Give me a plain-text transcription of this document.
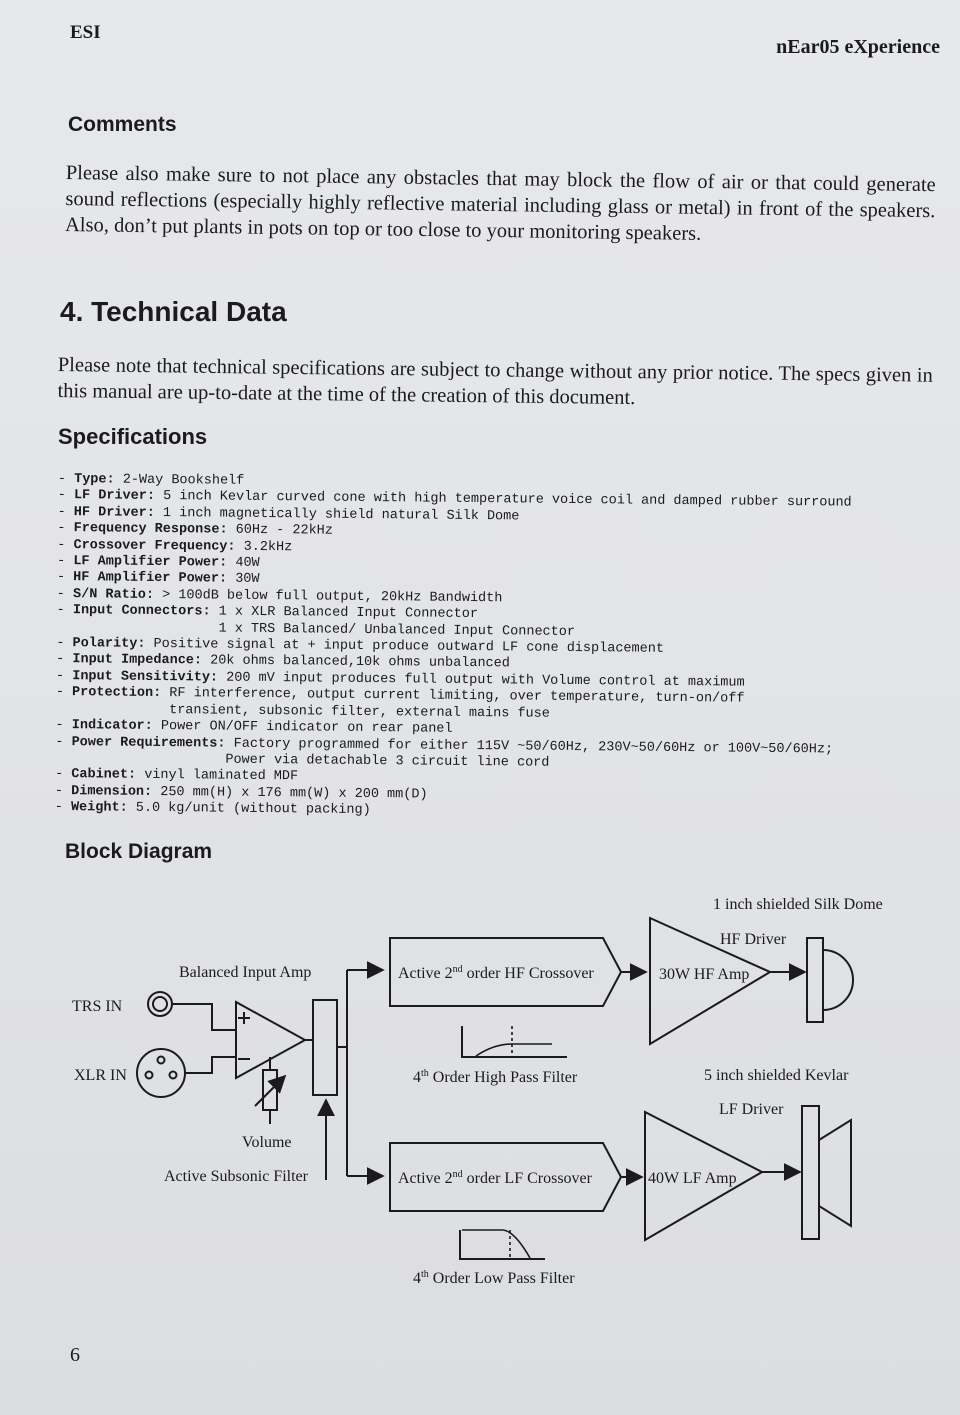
ESI
nEar05 eXperience
Comments
Please also make sure to not place any obstacles that may block the flow of air or that could generate sound reflections (especially highly reflective material including glass or metal) in front of the speakers. Also, don’t put plants in pots on top or too close to your monitoring speakers.
4. Technical Data
Please note that technical specifications are subject to change without any prior notice. The specs given in this manual are up-to-date at the time of the creation of this document.
Specifications
- Type: 2-Way Bookshelf
- LF Driver: 5 inch Kevlar curved cone with high temperature voice coil and damped rubber surround
- HF Driver: 1 inch magnetically shield natural Silk Dome
- Frequency Response: 60Hz - 22kHz
- Crossover Frequency: 3.2kHz
- LF Amplifier Power: 40W
- HF Amplifier Power: 30W
- S/N Ratio: > 100dB below full output, 20kHz Bandwidth
- Input Connectors: 1 x XLR Balanced Input Connector
1 x TRS Balanced/ Unbalanced Input Connector
- Polarity: Positive signal at + input produce outward LF cone displacement
- Input Impedance: 20k ohms balanced,10k ohms unbalanced
- Input Sensitivity: 200 mV input produces full output with Volume control at maximum
- Protection: RF interference, output current limiting, over temperature, turn-on/off
transient, subsonic filter, external mains fuse
- Indicator: Power ON/OFF indicator on rear panel
- Power Requirements: Factory programmed for either 115V ~50/60Hz, 230V~50/60Hz or 100V~50/60Hz;
Power via detachable 3 circuit line cord
- Cabinet: vinyl laminated MDF
- Dimension: 250 mm(H) x 176 mm(W) x 200 mm(D)
- Weight: 5.0 kg/unit (without packing)
Block Diagram
1 inch shielded Silk Dome
HF Driver
Balanced Input Amp	Active 2nd order HF Crossover	30W HF Amp
TRS IN
XLR IN	4th Order High Pass Filter	5 inch shielded Kevlar
LF Driver
Volume
Active Subsonic Filter	Active 2nd order LF Crossover	40W LF Amp
4th Order Low Pass Filter
6
